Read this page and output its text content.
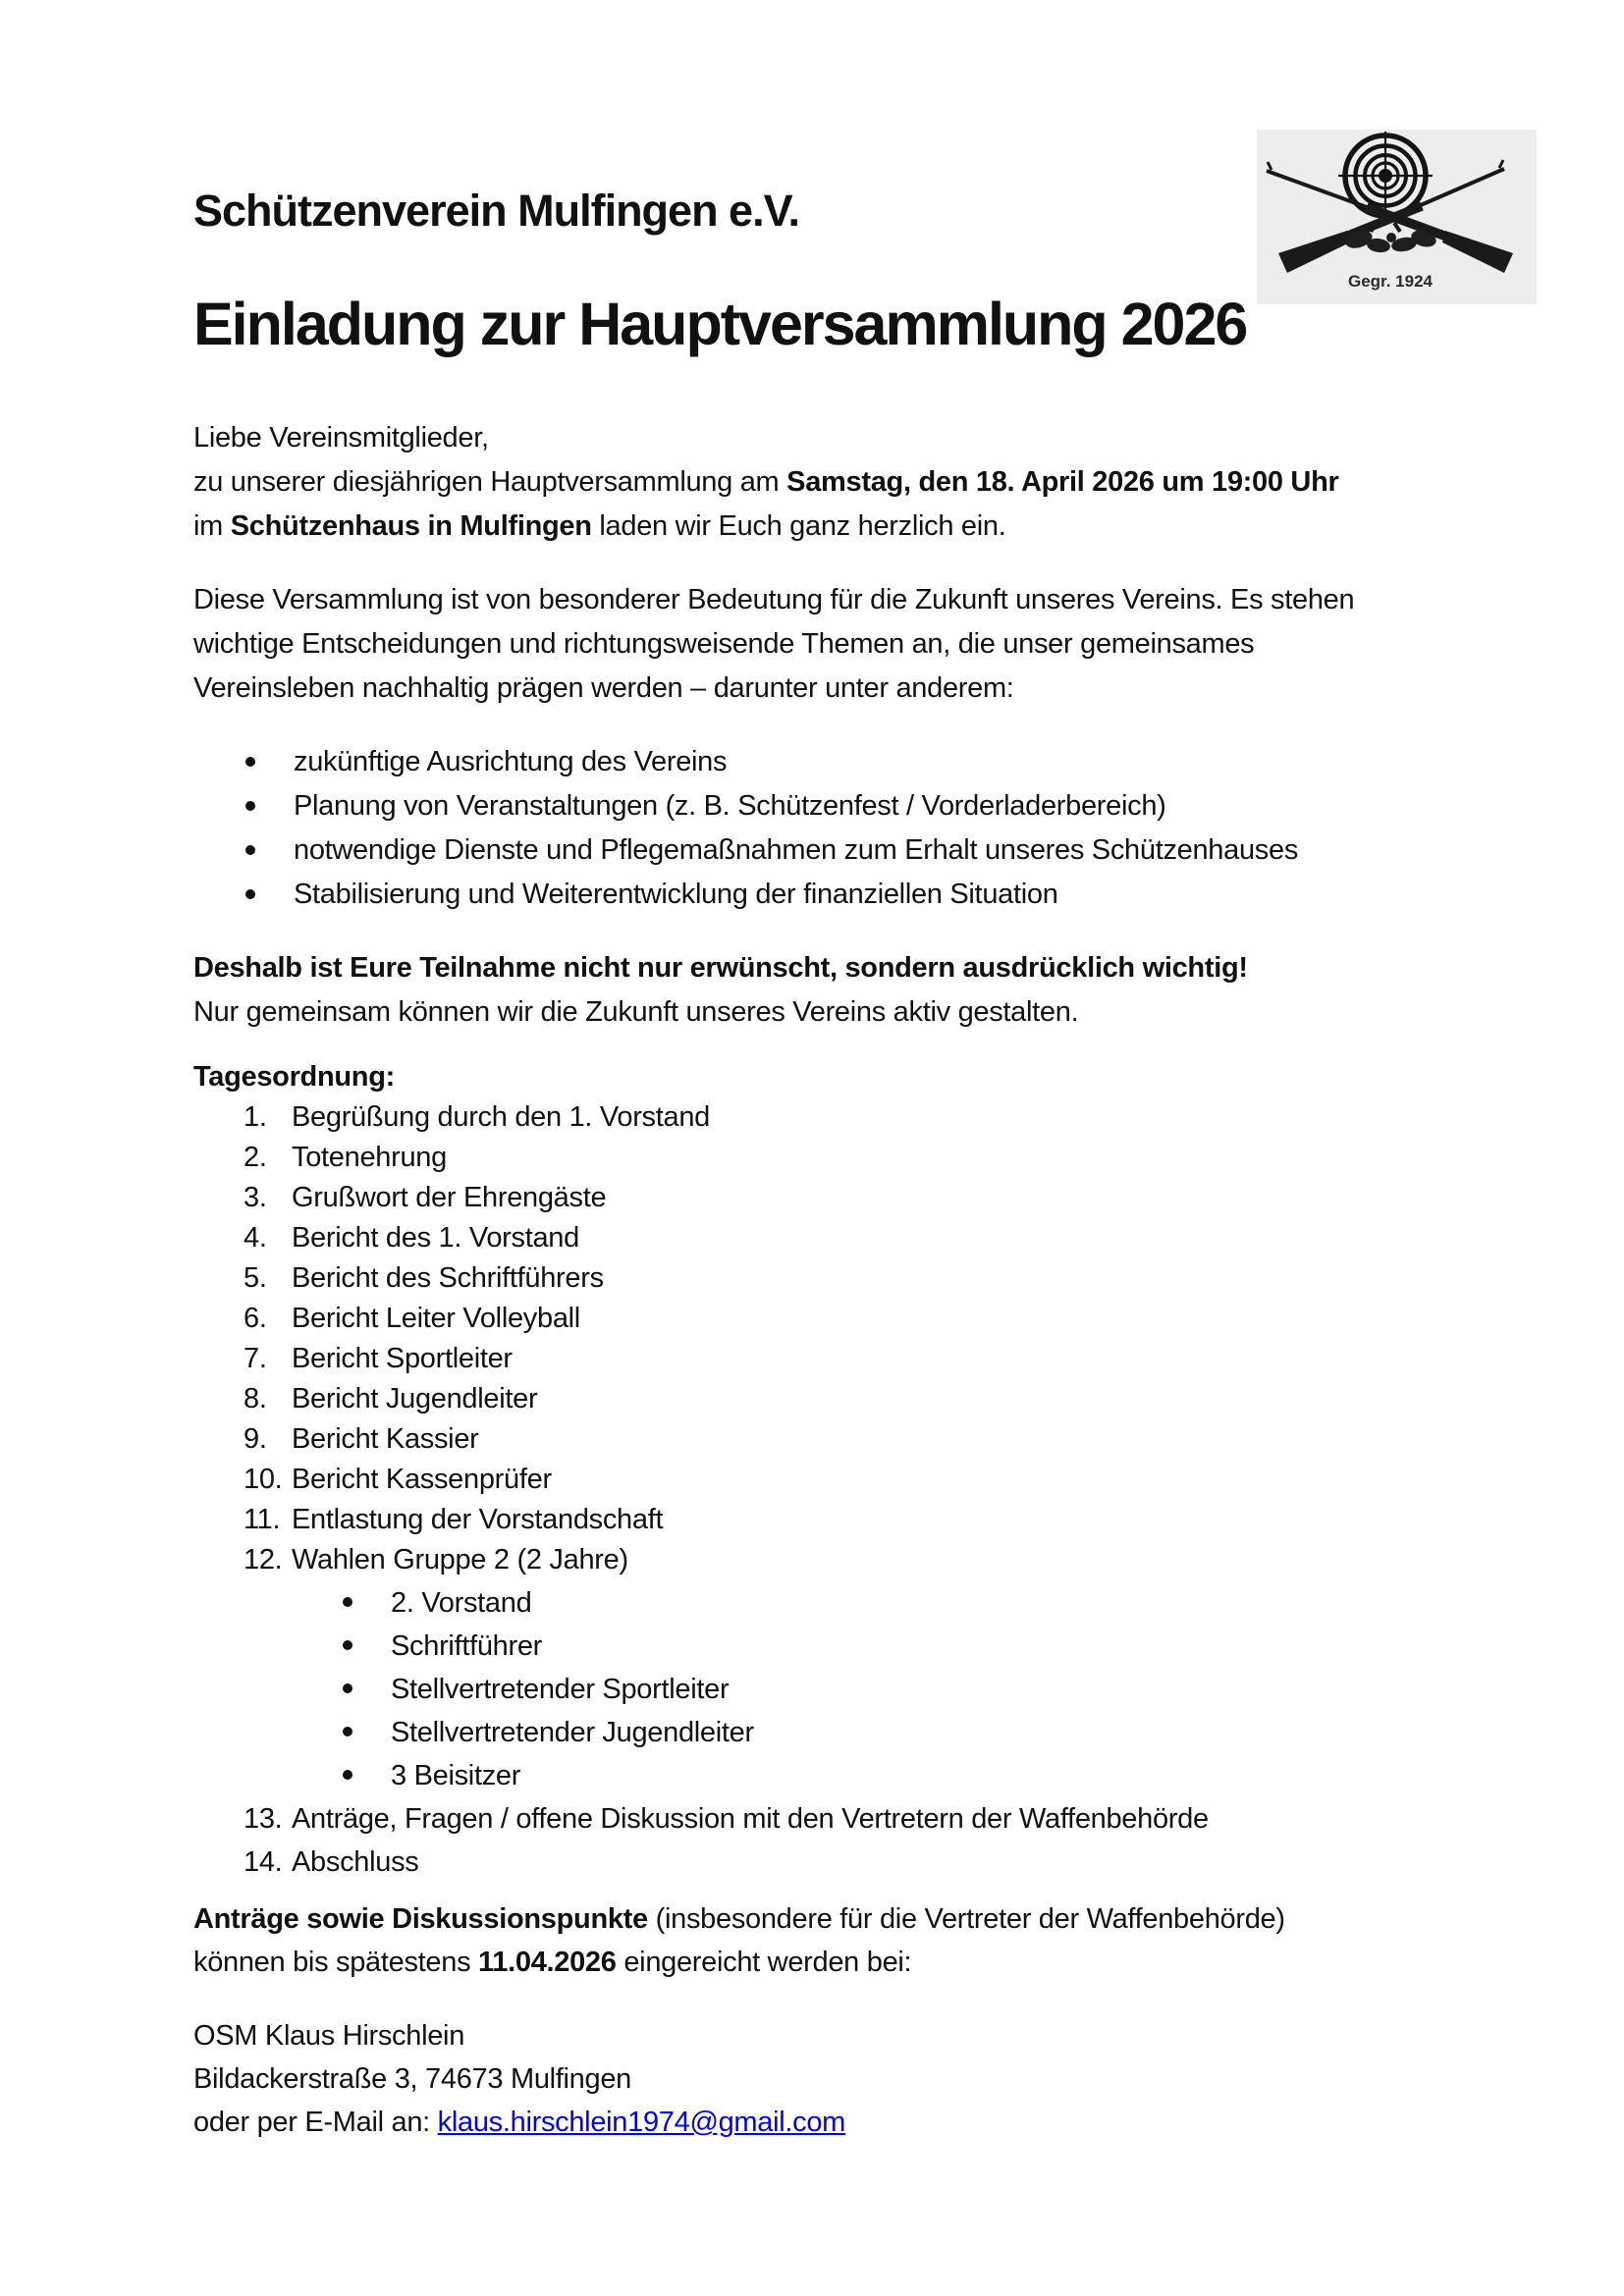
Gegr. 1924
Schützenverein Mulfingen e.V.
Einladung zur Hauptversammlung 2026
Liebe Vereinsmitglieder,
zu unserer diesjährigen Hauptversammlung am Samstag, den 18. April 2026 um 19:00 Uhr
im Schützenhaus in Mulfingen laden wir Euch ganz herzlich ein.
Diese Versammlung ist von besonderer Bedeutung für die Zukunft unseres Vereins. Es stehen
wichtige Entscheidungen und richtungsweisende Themen an, die unser gemeinsames
Vereinsleben nachhaltig prägen werden – darunter unter anderem:
zukünftige Ausrichtung des Vereins
Planung von Veranstaltungen (z. B. Schützenfest / Vorderladerbereich)
notwendige Dienste und Pflegemaßnahmen zum Erhalt unseres Schützenhauses
Stabilisierung und Weiterentwicklung der finanziellen Situation
Deshalb ist Eure Teilnahme nicht nur erwünscht, sondern ausdrücklich wichtig!
Nur gemeinsam können wir die Zukunft unseres Vereins aktiv gestalten.
Tagesordnung:
1. Begrüßung durch den 1. Vorstand
2. Totenehrung
3. Grußwort der Ehrengäste
4. Bericht des 1. Vorstand
5. Bericht des Schriftführers
6. Bericht Leiter Volleyball
7. Bericht Sportleiter
8. Bericht Jugendleiter
9. Bericht Kassier
10. Bericht Kassenprüfer
11. Entlastung der Vorstandschaft
12. Wahlen Gruppe 2 (2 Jahre)
2. Vorstand
Schriftführer
Stellvertretender Sportleiter
Stellvertretender Jugendleiter
3 Beisitzer
13. Anträge, Fragen / offene Diskussion mit den Vertretern der Waffenbehörde
14. Abschluss
Anträge sowie Diskussionspunkte (insbesondere für die Vertreter der Waffenbehörde)
können bis spätestens 11.04.2026 eingereicht werden bei:
OSM Klaus Hirschlein
Bildackerstraße 3, 74673 Mulfingen
oder per E-Mail an: klaus.hirschlein1974@gmail.com
